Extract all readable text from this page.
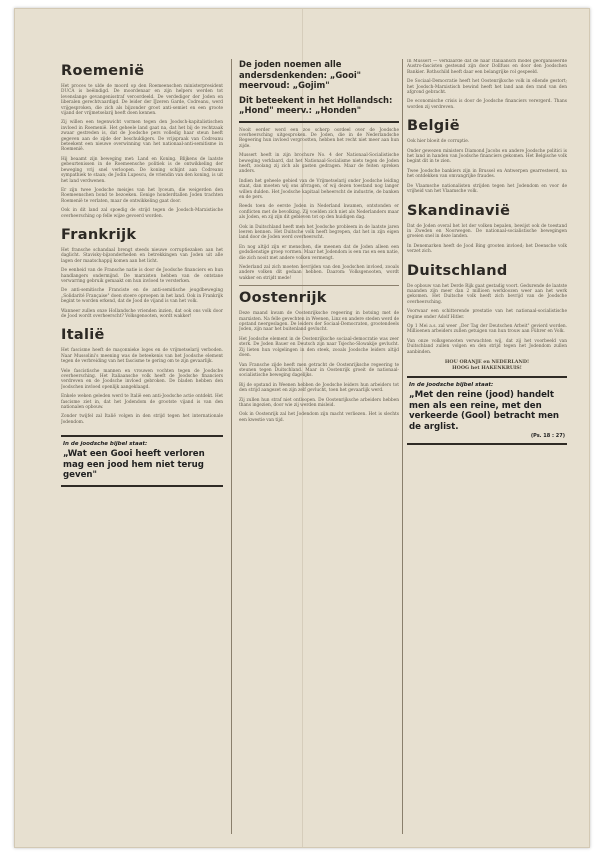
Roemenië

Het proces te ulde de moord op den Roemeenschen ministerpresident DUCA is beëindigd. De moordenaar en zijn helpers werden tot levenslange gevangenisstraf veroordeeld. De verdediger der Joden en liberalen gerechtvaardigd. De leider der IJzeren Garde, Codreanu, werd vrijgesproken, die zich als bijzonder groot anti-semiet en een groote vijand der vrijmetselarij heeft doen kennen.

Zij willen een tegenwicht vormen tegen den Joodsch-kapitalistischen invloed in Roemenië. Het geheele land gaat na, dat het bij de rechtzaak zwaar gestreden is, dat de Joodsche pers volledig haar steun heeft gegeven aan de zijde der beschuldigers. De vrijspraak van Codreanu beteekent een nieuwe overwinning van het nationaal-anti-semitisme in Roemenië.

Hij beaamt zijn beweging met: Land en Koning. Blijkens de laatste gebeurtenissen in de Roemeensche politiek is de ontwikkeling der beweging vrij snel verloopen. De koning schijnt aan Codreanu sympathiek te staan; de Jodin Lupescu, de vriendin van den koning, is uit het land verdwenen.

Er zijn twee Joodsche meisjes van het lyceum, die weigerden den Roemeenschen bond te bezoeken. Eenige honderdtallen Joden trachten Roemenië te verlaten, maar de ontwikkeling gaat door.

Ook in dit land zal spoedig de strijd tegen de Joodsch-Marxistische overheersching op felle wijze gevoerd worden.

Frankrijk

Het fransche schandaal brengt steeds nieuwe corruptiezaken aan het daglicht. Stavisky-bijzonderheden en betrekkingen van Joden uit alle lagen der maatschappij komen aan het licht.

De eenheid van de Fransche natie is door de Joodsche financiers en hun handlangers ondermijnd. De marxisten hebben van de ontstane verwarring gebruik gemaakt om hun invloed te versterken.

De anti-semitische Franciste en de anti-semitische jeugdbeweging „Solidarité Française" doen stoere oproepen in het land. Ook in Frankrijk begint te worden erkend, dat de Jood de vijand is van het volk.

Wanneer zullen onze Hollandsche vrienden inzien, dat ook ons volk door de Jood wordt overheerscht? Volksgenooten, wordt wakker!

Italië

Het fascisme heeft de maçonnieke loges en de vrijmetselarij verboden. Naar Mussolini's meening was de beteekenis van het Joodsche element tegen de verbreiding van het fascisme te gering om te zijn gevaarlijk.

Vele fascistische mannen en vrouwen vochten tegen de Joodsche overheersching. Het Italiaansche volk heeft de Joodsche financiers verdreven en de Joodsche invloed gebroken. De bladen hebben den Joodschen invloed openlijk aangeklaagd.

Enkele weken geleden werd te Italië een anti-Joodsche actie ontdekt. Het fascisme ziet in, dat het Jodendom de grootste vijand is van den nationalen opbouw.

Zonder twijfel zal Italië volgen in den strijd tegen het internationale Jodendom.

In de joodsche bijbel staat:
„Wat een Gooi heeft verloren mag een jood hem niet terug geven"
De joden noemen alle andersdenkenden: „Gooi" meervoud: „Gojim"
Dit beteekent in het Hollandsch: „Hond" meerv.: „Honden"

Nooit eerder werd een zoo scherp oordeel over de Joodsche overheersching uitgesproken. De Joden, die in de Nederlandsche Regeering hun invloed vergrootten, hebben het recht niet meer aan hun zijde.

Mussert heeft in zijn brochure No. 4 der Nationaal-Socialistische beweging verklaard, dat het Nationaal-Socialisme niets tegen de Joden heeft, zoolang zij zich als gasten gedragen. Maar de feiten spreken anders.

Indien het geheele gebied van de Vrijmetselarij onder Joodsche leiding staat, dan moeten wij ons afvragen, of wij dezen toestand nog langer willen dulden. Het Joodsche kapitaal beheerscht de industrie, de banken en de pers.

Reeds toen de eerste Joden in Nederland kwamen, ontstonden er conflicten met de bevolking. Zij voelden zich niet als Nederlanders maar als Joden, en zij zijn dit gebleven tot op den huidigen dag.

Ook in Duitschland heeft men het Joodsche probleem in de laatste jaren leeren kennen. Het Duitsche volk heeft begrepen, dat het in zijn eigen land door de Joden werd overheerscht.

En nog altijd zijn er menschen, die meenen dat de Joden alleen een godsdienstige groep vormen. Maar het Jodendom is een ras en een natie, die zich nooit met andere volken vermengt.

Nederland zal zich moeten bevrijden van den Joodschen invloed, zooals andere volken dit gedaan hebben. Daarom: Volksgenooten, wordt wakker en strijdt mede!

Oostenrijk

Deze maand kwam de Oostenrijksche regeering in botsing met de marxisten. Na felle gevechten in Weenen, Linz en andere steden werd de opstand neergeslagen. De leiders der Sociaal-Democraten, grootendeels Joden, zijn naar het buitenland gevlucht.

Het Joodsche element in de Oostenrijksche sociaal-democratie was zeer sterk. De Joden Bauer en Deutsch zijn naar Tsjecho-Slowakije gevlucht. Zij lieten hun volgelingen in den steek, zooals Joodsche leiders altijd doen.

Van Fransche zijde heeft men getracht de Oostenrijksche regeering te steunen tegen Duitschland. Maar in Oostenrijk groeit de nationaal-socialistische beweging dagelijks.

Bij de opstand in Weenen hebben de Joodsche leiders hun arbeiders tot den strijd aangezet en zijn zelf gevlucht, toen het gevaarlijk werd.

Zij zullen hun straf niet ontloopen. De Oostenrijksche arbeiders hebben thans ingezien, door wie zij werden misleid.

Ook in Oostenrijk zal het Jodendom zijn macht verliezen. Het is slechts een kwestie van tijd.

In Mussert — verklaarde dat de naar Italiaansch model georganiseerde Austro-fascisten gesteund zijn door Dollfuss en door den Joodschen Bankier. Rothschild heeft daar een belangrijke rol gespeeld.

De Sociaal-Democratie heeft het Oostenrijksche volk in ellende gestort; het Joodsch-Marxistisch bewind heeft het land aan den rand van den afgrond gebracht.

De economische crisis is door de Joodsche financiers verergerd. Thans worden zij verdreven.

België

Ook hier bloeit de corruptie.

Onder gewezen ministers Diamond Jacobs en andere Joodsche politici is het land in handen van Joodsche financiers gekomen. Het Belgische volk begint dit in te zien.

Twee Joodsche bankiers zijn in Brussel en Antwerpen gearresteerd, na het ontdekken van omvangrijke fraudes.

De Vlaamsche nationalisten strijden tegen het Jodendom en voor de vrijheid van het Vlaamsche volk.

Skandinavië

Dat de Joden overal het lot der volken bepalen, bewijst ook de toestand in Zweden en Noorwegen. De nationaal-socialistische bewegingen groeien snel in deze landen.

In Denemarken heeft de Jood Bing grooten invloed; het Deensche volk verzet zich.

Duitschland

De opbouw van het Derde Rijk gaat gestadig voort. Gedurende de laatste maanden zijn meer dan 2 millioen werkloozen weer aan het werk gekomen. Het Duitsche volk heeft zich bevrijd van de Joodsche overheersching.

Voorwaar een schitterende prestatie van het nationaal-socialistische regime onder Adolf Hitler.

Op 1 Mei a.s. zal weer „Der Tag der Deutschen Arbeit" gevierd worden. Millioenen arbeiders zullen getuigen van hun trouw aan Führer en Volk.

Van onze volksgenooten verwachten wij, dat zij het voorbeeld van Duitschland zullen volgen en den strijd tegen het Jodendom zullen aanbinden.

HOU ORANJE en NEDERLAND!
HOOG het HAKENKRUIS!
In de joodsche bijbel staat:
„Met den reine (jood) handelt men als een reine, met den verkeerde (Gool) betracht men de arglist.
(Ps. 18 : 27)
